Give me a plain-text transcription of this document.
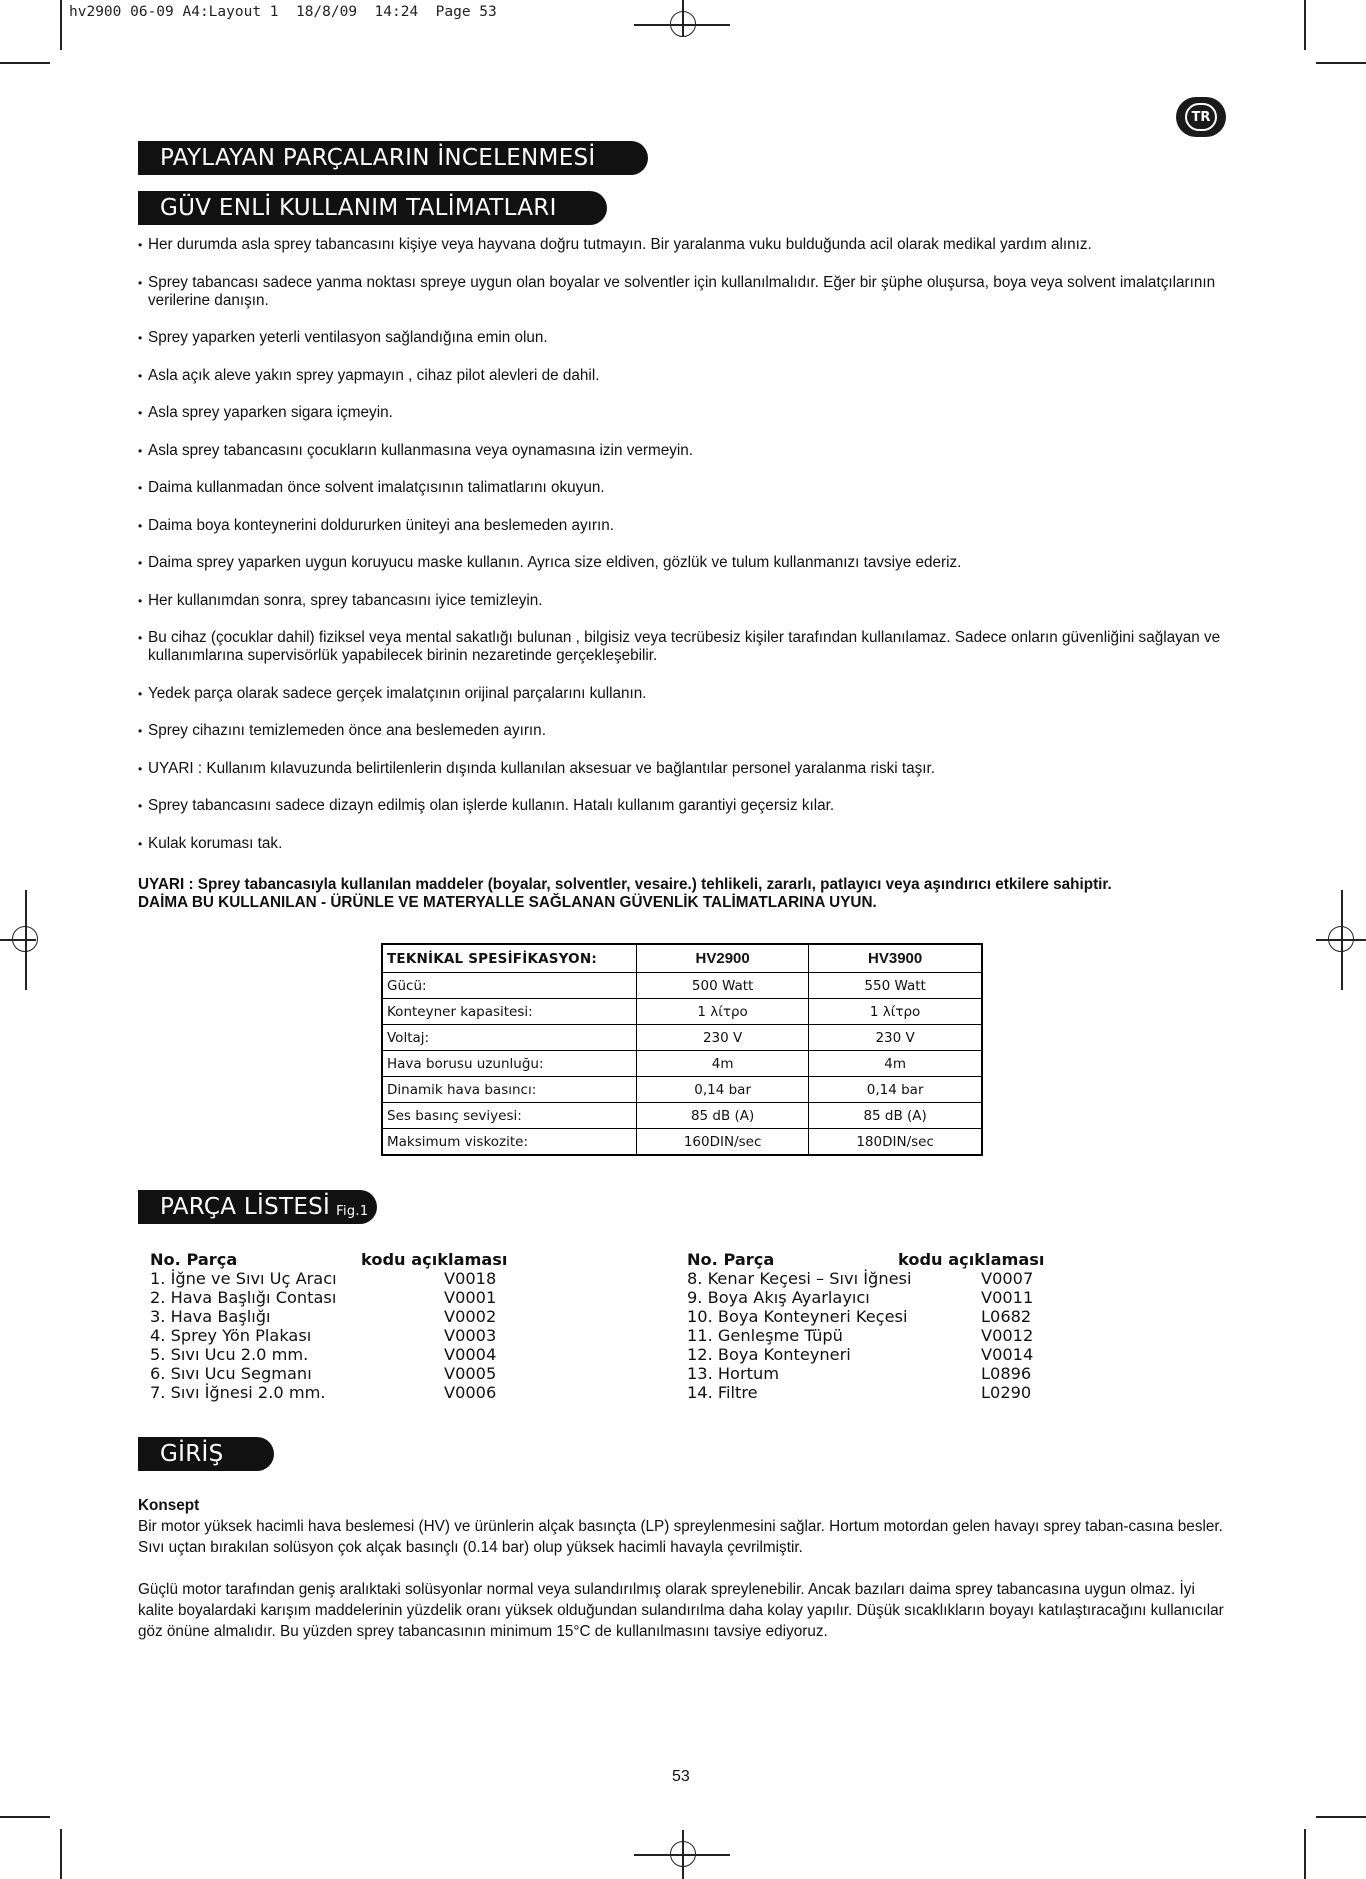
hv2900 06-09 A4:Layout 1  18/8/09  14:24  Page 53
TR
PAYLAYAN PARÇALARIN İNCELENMESİ
GÜV ENLİ KULLANIM TALİMATLARI
• Her durumda asla sprey tabancasını kişiye veya hayvana doğru tutmayın. Bir yaralanma vuku bulduğunda acil olarak medikal yardım alınız.
• Sprey tabancası sadece yanma noktası spreye uygun olan boyalar ve solventler için kullanılmalıdır. Eğer bir şüphe oluşursa, boya veya solvent imalatçılarının verilerine danışın.
• Sprey yaparken yeterli ventilasyon sağlandığına emin olun.
• Asla açık aleve yakın sprey yapmayın , cihaz pilot alevleri de dahil.
• Asla sprey yaparken sigara içmeyin.
• Asla sprey tabancasını çocukların kullanmasına veya oynamasına izin vermeyin.
• Daima kullanmadan önce solvent imalatçısının talimatlarını okuyun.
• Daima boya konteynerini doldururken üniteyi ana beslemeden ayırın.
• Daima sprey yaparken uygun koruyucu maske kullanın. Ayrıca size eldiven, gözlük ve tulum kullanmanızı tavsiye ederiz.
• Her kullanımdan sonra, sprey tabancasını iyice temizleyin.
• Bu cihaz (çocuklar dahil) fiziksel veya mental sakatlığı bulunan , bilgisiz veya tecrübesiz kişiler tarafından kullanılamaz. Sadece onların güvenliğini sağlayan ve kullanımlarına supervisörlük yapabilecek birinin nezaretinde gerçekleşebilir.
• Yedek parça olarak sadece gerçek imalatçının orijinal parçalarını kullanın.
• Sprey cihazını temizlemeden önce ana beslemeden ayırın.
• UYARI : Kullanım kılavuzunda belirtilenlerin dışında kullanılan aksesuar ve bağlantılar personel yaralanma riski taşır.
• Sprey tabancasını sadece dizayn edilmiş olan işlerde kullanın. Hatalı kullanım garantiyi geçersiz kılar.
• Kulak koruması tak.
UYARI : Sprey tabancasıyla kullanılan maddeler (boyalar, solventler, vesaire.) tehlikeli, zararlı, patlayıcı veya aşındırıcı etkilere sahiptir.
DAİMA BU KULLANILAN - ÜRÜNLE VE MATERYALLE SAĞLANAN GÜVENLİK TALİMATLARINA UYUN.
TEKNİKAL SPESİFİKASYON:	HV2900	HV3900
Gücü:	500 Watt	550 Watt
Konteyner kapasitesi:	1 λίτρο	1 λίτρο
Voltaj:	230 V	230 V
Hava borusu uzunluğu:	4m	4m
Dinamik hava basıncı:	0,14 bar	0,14 bar
Ses basınç seviyesi:	85 dB (A)	85 dB (A)
Maksimum viskozite:	160DIN/sec	180DIN/sec
PARÇA LİSTESİ Fig.1
No. Parça	kodu açıklaması
1. İğne ve Sıvı Uç Aracı	V0018
2. Hava Başlığı Contası	V0001
3. Hava Başlığı	V0002
4. Sprey Yön Plakası	V0003
5. Sıvı Ucu 2.0 mm.	V0004
6. Sıvı Ucu Segmanı	V0005
7. Sıvı İğnesi 2.0 mm.	V0006
No. Parça	kodu açıklaması
8. Kenar Keçesi – Sıvı İğnesi	V0007
9. Boya Akış Ayarlayıcı	V0011
10. Boya Konteyneri Keçesi	L0682
11. Genleşme Tüpü	V0012
12. Boya Konteyneri	V0014
13. Hortum	L0896
14. Filtre	L0290
GİRİŞ
Konsept

Bir motor yüksek hacimli hava beslemesi (HV) ve ürünlerin alçak basınçta (LP) spreylenmesini sağlar. Hortum motordan gelen havayı sprey taban-casına besler. Sıvı uçtan bırakılan solüsyon çok alçak basınçlı (0.14 bar) olup yüksek hacimli havayla çevrilmiştir.

Güçlü motor tarafından geniş aralıktaki solüsyonlar normal veya sulandırılmış olarak spreylenebilir. Ancak bazıları daima sprey tabancasına uygun olmaz. İyi kalite boyalardaki karışım maddelerinin yüzdelik oranı yüksek olduğundan sulandırılma daha kolay yapılır. Düşük sıcaklıkların boyayı katılaştıracağını kullanıcılar göz önüne almalıdır. Bu yüzden sprey tabancasının minimum 15°C de kullanılmasını tavsiye ediyoruz.

53
